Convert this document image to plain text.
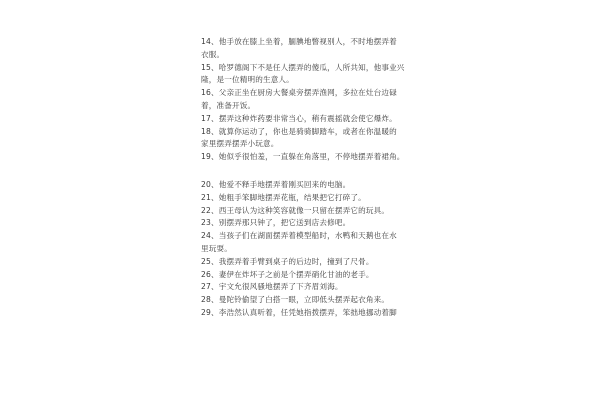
14、他手放在膝上坐着，腼腆地瞥视别人，不时地摆弄着
衣服。
15、哈罗德阁下不是任人摆弄的傻瓜，人所共知，他事业兴
隆，是一位精明的生意人。
16、父亲正坐在厨房大餐桌旁摆弄渔网，多拉在灶台边碌
着，准备开饭。
17、摆弄这种炸药要非常当心，稍有震摇就会使它爆炸。
18、就算你运动了，你也是骑骑脚踏车，或者在你温暖的
家里摆弄摆弄小玩意。
19、她似乎很怕羞，一直躲在角落里，不停地摆弄着裙角。
20、他爱不释手地摆弄着刚买回来的电脑。
21、她粗手笨脚地摆弄花瓶，结果把它打碎了。
22、西王母认为这种笑容就像一只留在摆弄它的玩具。
23、别摆弄那只钟了，把它送到店去修吧。
24、当孩子们在湖面摆弄着模型船时，水鸭和天鹅也在水
里玩耍。
25、我摆弄着手臂到桌子的后边时，撞到了尺骨。
26、妻伊在炸坏子之前是个摆弄硝化甘油的老手。
27、宇文允很风骚地摆弄了下齐眉刘海。
28、曼陀铃偷望了白搭一眼，立即低头摆弄起衣角来。
29、李浩然认真听着，任凭她指拨摆弄，笨拙地挪动着脚
